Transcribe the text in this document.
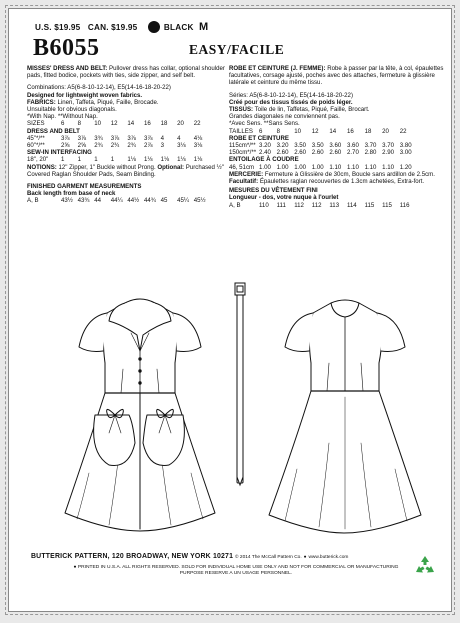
U.S. $19.95 CAN. $19.95	BLACK M
B6055	EASY/FACILE

MISSES' DRESS AND BELT: Pullover dress has collar, optional shoulder pads, fitted bodice, pockets with ties, side zipper, and self belt.

Combinations: A5(6-8-10-12-14), E5(14-16-18-20-22)
Designed for lightweight woven fabrics.
FABRICS: Linen, Taffeta, Piqué, Faille, Brocade.
Unsuitable for obvious diagonals.
*With Nap. **Without Nap.
SIZES	6	8	10	12	14	16	18	20	22
DRESS AND BELT
45"*/**	3⅞	3⅞	3¾	3⅞	3⅞	3⅞	4	4	4⅛
60"*/**	2⅝	2⅝	2¾	2¾	2¾	2⅞	3	3⅛	3⅛
SEW-IN INTERFACING
18", 20"	1	1	1	1	1⅛	1⅛	1⅛	1⅛	1⅛

NOTIONS: 12" Zipper, 1" Buckle without Prong. Optional: Purchased ½" Covered Raglan Shoulder Pads, Seam Binding.

FINISHED GARMENT MEASUREMENTS
Back length from base of neck
A, B	43½ 43¾ 44	44¼ 44½ 44¾ 45	45¼ 45½

ROBE ET CEINTURE (J. FEMME): Robe à passer par la tête, à col, épaulettes facultatives, corsage ajusté, poches avec des attaches, fermeture à glissière latérale et ceinture du même tissu.

Séries: A5(6-8-10-12-14), E5(14-16-18-20-22)
Créé pour des tissus tissés de poids léger.
TISSUS: Toile de lin, Taffetas, Piqué, Faille, Brocart.
Grandes diagonales ne conviennent pas.
*Avec Sens. **Sans Sens.
TAILLES 6	8	10	12	14	16	18	20	22
ROBE ET CEINTURE
115cm*/** 3.20 3.20 3.50 3.50 3.60 3.60 3.70 3.70 3.80
150cm*/** 2.40 2.60 2.60 2.60 2.60 2.70 2.80 2.90 3.00
ENTOILAGE À COUDRE
46, 51cm 1.00 1.00 1.00 1.00 1.10 1.10 1.10 1.10 1.20

MERCERIE: Fermeture à Glissière de 30cm, Boucle sans ardillon de 2.5cm. Facultatif: Épaulettes raglan recouvertes de 1.3cm achetées, Extra-fort.

MESURES DU VÊTEMENT FINI
Longueur - dos, votre nuque à l'ourlet
A, B	110	111	112	112	113	114	115	115	116
BUTTERICK PATTERN, 120 BROADWAY, NEW YORK 10271 © 2014 The McCall Pattern Co. ● www.butterick.com
● PRINTED IN U.S.A. ALL RIGHTS RESERVED. SOLD FOR INDIVIDUAL HOME USE ONLY AND NOT FOR COMMERCIAL OR MANUFACTURING
PURPOSE RESERVE A UN USAGE PERSONNEL.
